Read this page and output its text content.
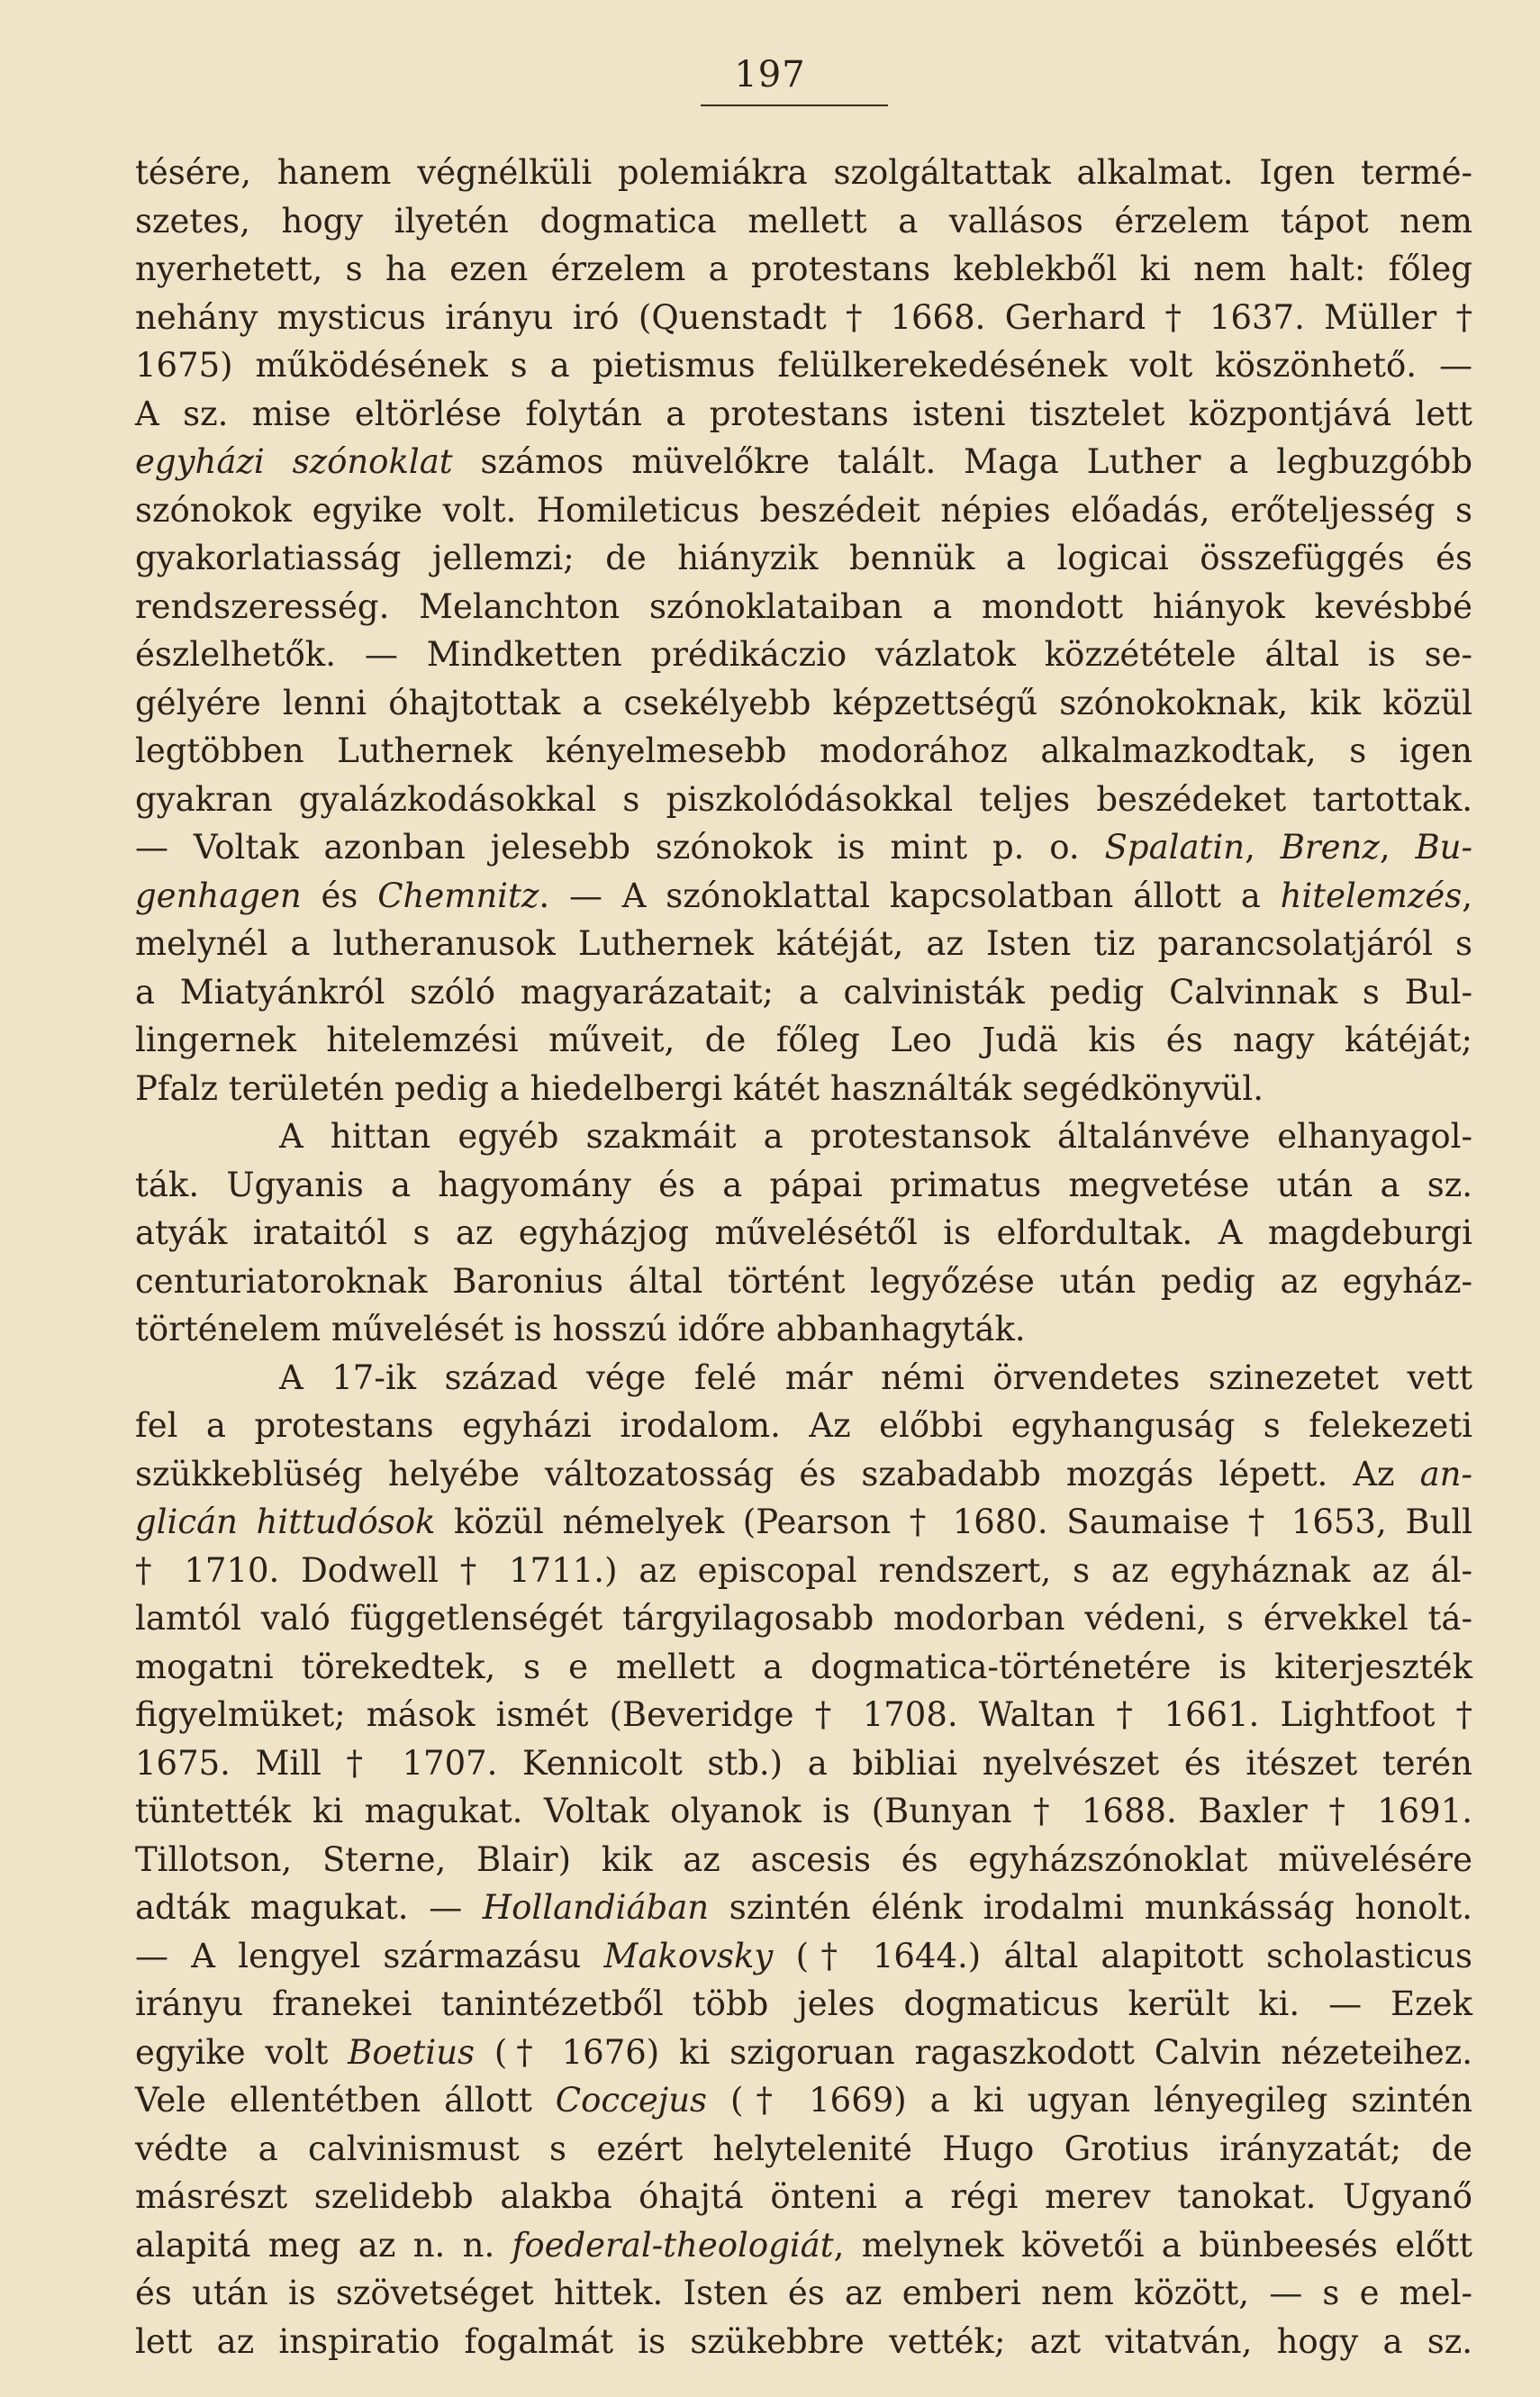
197
tésére, hanem végnélküli polemiákra szolgáltattak alkalmat. Igen termé-
szetes, hogy ilyetén dogmatica mellett a vallásos érzelem tápot nem
nyerhetett, s ha ezen érzelem a protestans keblekből ki nem halt: főleg
nehány mysticus irányu iró (Quenstadt † 1668. Gerhard † 1637. Müller †
1675) működésének s a pietismus felülkerekedésének volt köszönhető. —
A sz. mise eltörlése folytán a protestans isteni tisztelet központjává lett
egyházi szónoklat számos müvelőkre talált. Maga Luther a legbuzgóbb
szónokok egyike volt. Homileticus beszédeit népies előadás, erőteljesség s
gyakorlatiasság jellemzi; de hiányzik bennük a logicai összefüggés és
rendszeresség. Melanchton szónoklataiban a mondott hiányok kevésbbé
észlelhetők. — Mindketten prédikáczio vázlatok közzététele által is se-
gélyére lenni óhajtottak a csekélyebb képzettségű szónokoknak, kik közül
legtöbben Luthernek kényelmesebb modorához alkalmazkodtak, s igen
gyakran gyalázkodásokkal s piszkolódásokkal teljes beszédeket tartottak.
— Voltak azonban jelesebb szónokok is mint p. o. Spalatin, Brenz, Bu-
genhagen és Chemnitz. — A szónoklattal kapcsolatban állott a hitelemzés,
melynél a lutheranusok Luthernek kátéját, az Isten tiz parancsolatjáról s
a Miatyánkról szóló magyarázatait; a calvinisták pedig Calvinnak s Bul-
lingernek hitelemzési műveit, de főleg Leo Judä kis és nagy kátéját;
Pfalz területén pedig a hiedelbergi kátét használták segédkönyvül.
A hittan egyéb szakmáit a protestansok általánvéve elhanyagol-
ták. Ugyanis a hagyomány és a pápai primatus megvetése után a sz.
atyák irataitól s az egyházjog művelésétől is elfordultak. A magdeburgi
centuriatoroknak Baronius által történt legyőzése után pedig az egyház-
történelem művelését is hosszú időre abbanhagyták.
A 17-ik század vége felé már némi örvendetes szinezetet vett
fel a protestans egyházi irodalom. Az előbbi egyhanguság s felekezeti
szükkeblüség helyébe változatosság és szabadabb mozgás lépett. Az an-
glicán hittudósok közül némelyek (Pearson † 1680. Saumaise † 1653, Bull
† 1710. Dodwell † 1711.) az episcopal rendszert, s az egyháznak az ál-
lamtól való függetlenségét tárgyilagosabb modorban védeni, s érvekkel tá-
mogatni törekedtek, s e mellett a dogmatica-történetére is kiterjeszték
figyelmüket; mások ismét (Beveridge † 1708. Waltan † 1661. Lightfoot †
1675. Mill † 1707. Kennicolt stb.) a bibliai nyelvészet és itészet terén
tüntették ki magukat. Voltak olyanok is (Bunyan † 1688. Baxler † 1691.
Tillotson, Sterne, Blair) kik az ascesis és egyházszónoklat müvelésére
adták magukat. — Hollandiában szintén élénk irodalmi munkásság honolt.
— A lengyel származásu Makovsky († 1644.) által alapitott scholasticus
irányu franekei tanintézetből több jeles dogmaticus került ki. — Ezek
egyike volt Boetius († 1676) ki szigoruan ragaszkodott Calvin nézeteihez.
Vele ellentétben állott Coccejus († 1669) a ki ugyan lényegileg szintén
védte a calvinismust s ezért helytelenité Hugo Grotius irányzatát; de
másrészt szelidebb alakba óhajtá önteni a régi merev tanokat. Ugyanő
alapitá meg az n. n. foederal-theologiát, melynek követői a bünbeesés előtt
és után is szövetséget hittek. Isten és az emberi nem között, — s e mel-
lett az inspiratio fogalmát is szükebbre vették; azt vitatván, hogy a sz.
